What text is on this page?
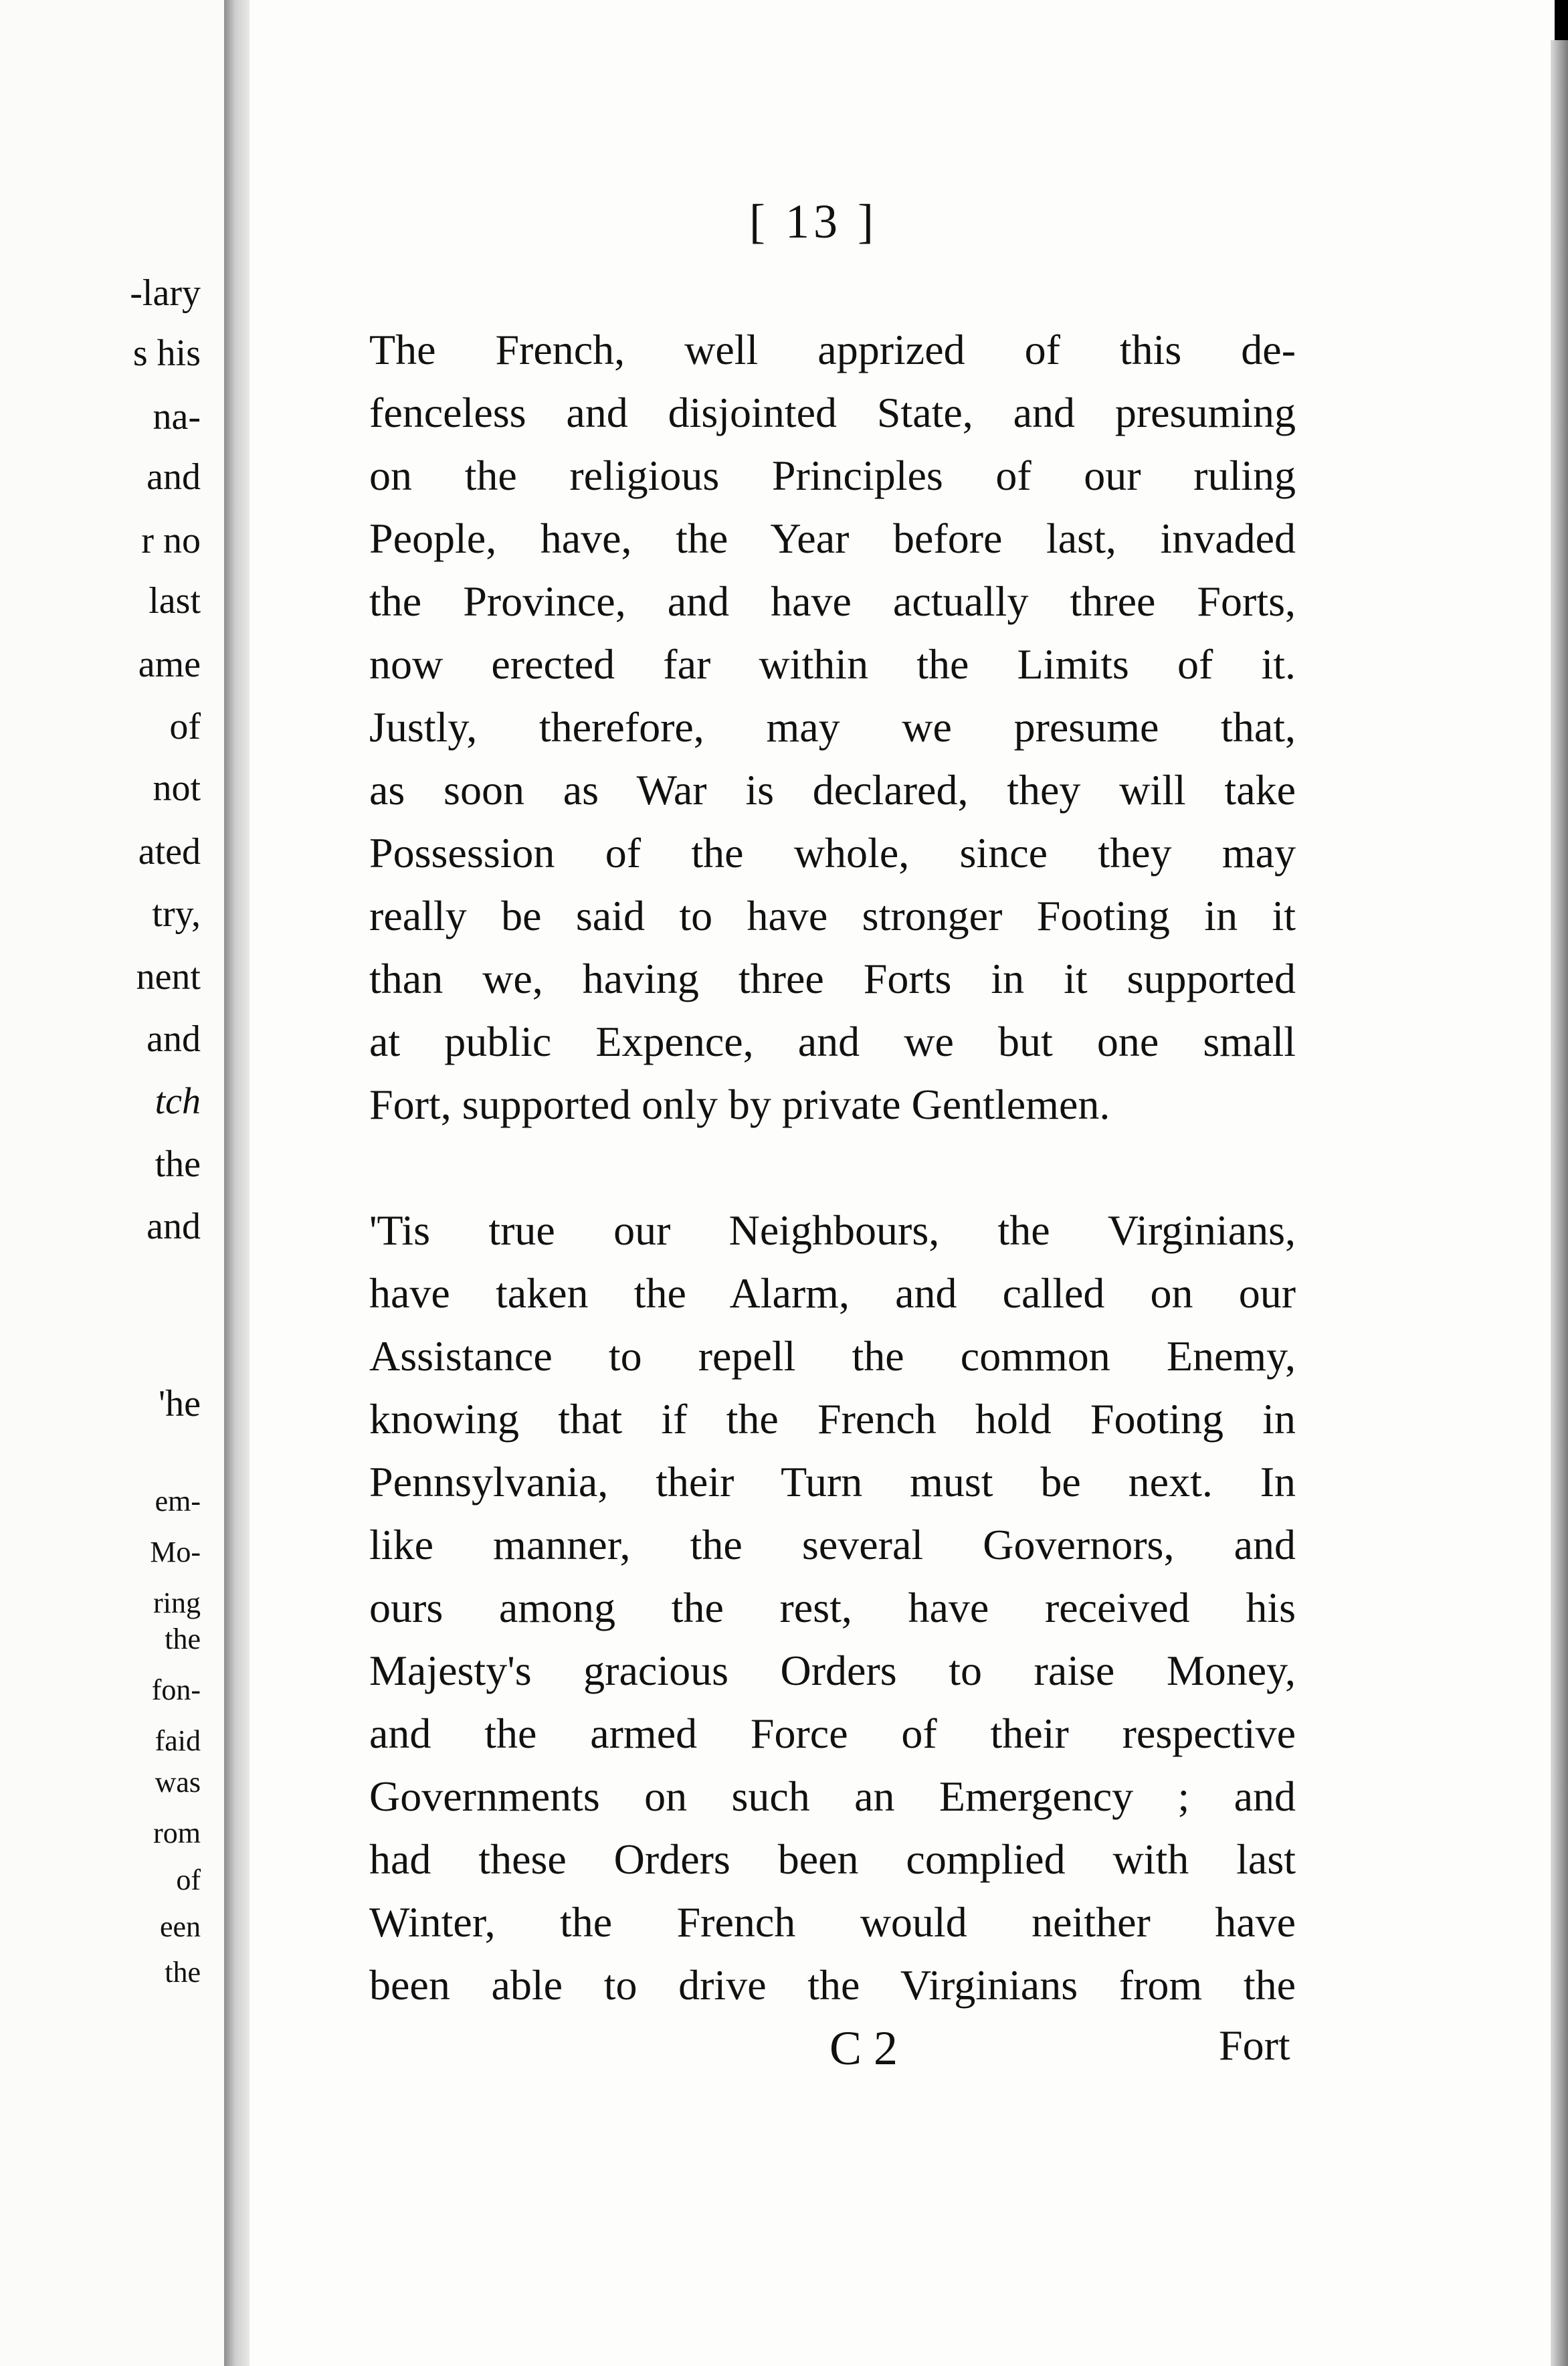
-lary
s his
na-
and
r no
last
ame
of
not
ated
try,
nent
and
tch
the
and
'he
em-
Mo-
ring
the
fon-
faid
was
rom
of
een
the
[ 13 ]
The French, well apprized of this de-
fenceless and disjointed State, and presuming
on the religious Principles of our ruling
People, have, the Year before last, invaded
the Province, and have actually three Forts,
now erected far within the Limits of it.
Justly, therefore, may we presume that,
as soon as War is declared, they will take
Possession of the whole, since they may
really be said to have stronger Footing in it
than we, having three Forts in it supported
at public Expence, and we but one small
Fort, supported only by private Gentlemen.
'Tis true our Neighbours, the Virginians,
have taken the Alarm, and called on our
Assistance to repell the common Enemy,
knowing that if the French hold Footing in
Pennsylvania, their Turn must be next. In
like manner, the several Governors, and
ours among the rest, have received his
Majesty's gracious Orders to raise Money,
and the armed Force of their respective
Governments on such an Emergency ; and
had these Orders been complied with last
Winter, the French would neither have
been able to drive the Virginians from the
C 2	Fort
